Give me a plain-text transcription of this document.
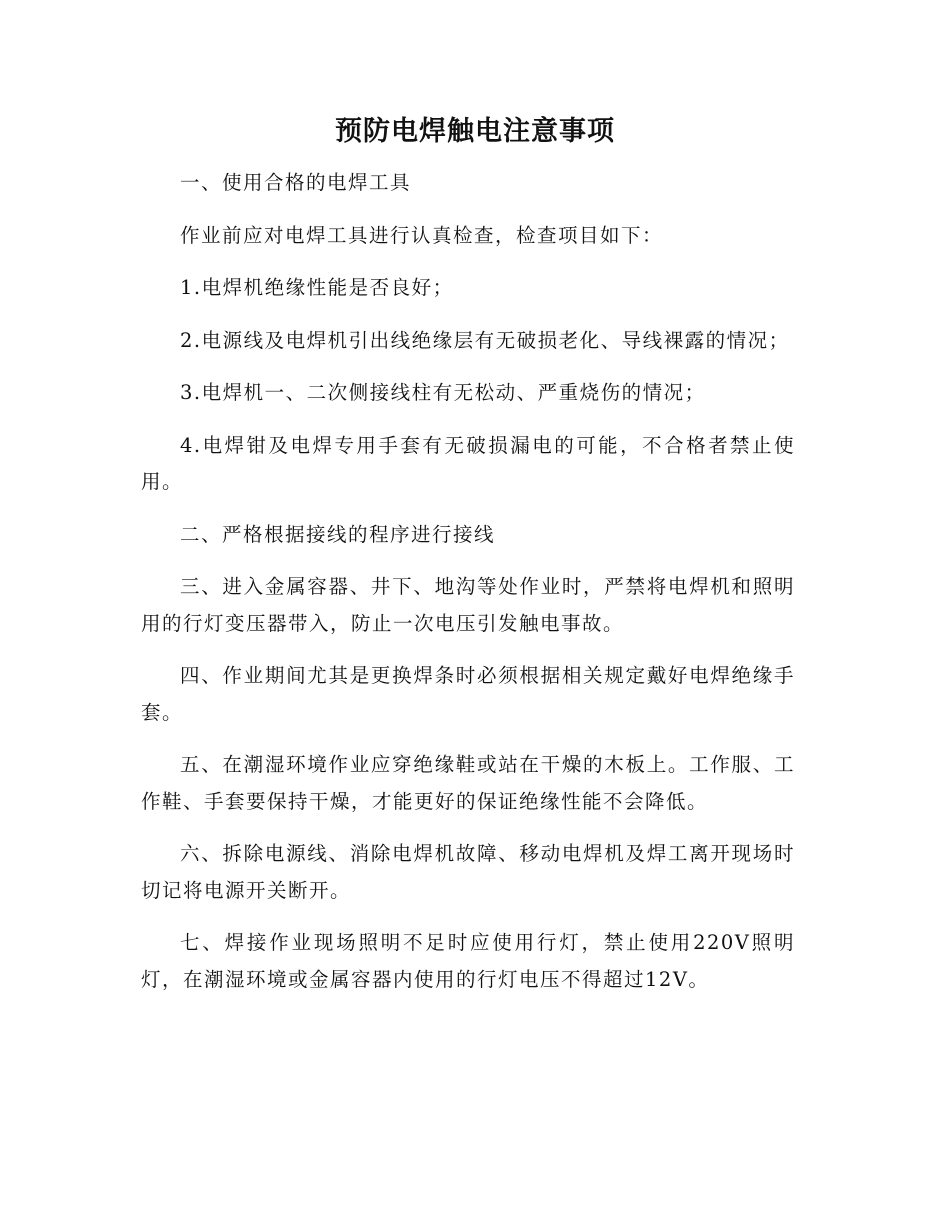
预防电焊触电注意事项

一、使用合格的电焊工具

作业前应对电焊工具进行认真检查，检查项目如下：

1.电焊机绝缘性能是否良好；

2.电源线及电焊机引出线绝缘层有无破损老化、导线裸露的情况；

3.电焊机一、二次侧接线柱有无松动、严重烧伤的情况；

4.电焊钳及电焊专用手套有无破损漏电的可能，不合格者禁止使用。

二、严格根据接线的程序进行接线

三、进入金属容器、井下、地沟等处作业时，严禁将电焊机和照明用的行灯变压器带入，防止一次电压引发触电事故。

四、作业期间尤其是更换焊条时必须根据相关规定戴好电焊绝缘手套。

五、在潮湿环境作业应穿绝缘鞋或站在干燥的木板上。工作服、工作鞋、手套要保持干燥，才能更好的保证绝缘性能不会降低。

六、拆除电源线、消除电焊机故障、移动电焊机及焊工离开现场时切记将电源开关断开。

七、焊接作业现场照明不足时应使用行灯，禁止使用220V照明灯，在潮湿环境或金属容器内使用的行灯电压不得超过12V。
